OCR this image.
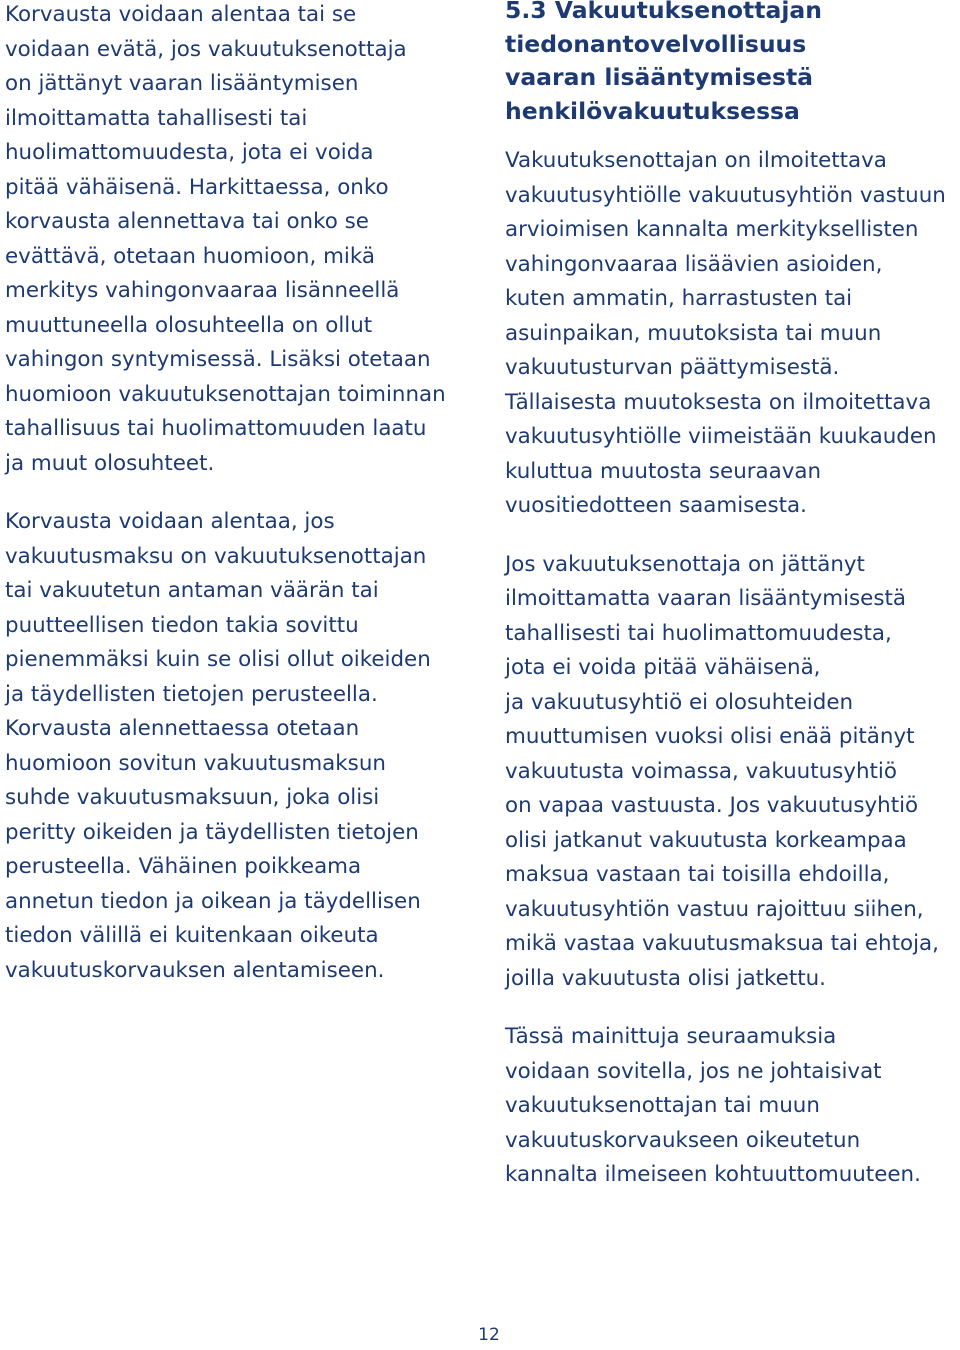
Korvausta voidaan alentaa tai se
voidaan evätä, jos vakuutuksenottaja
on jättänyt vaaran lisääntymisen
ilmoittamatta tahallisesti tai
huolimattomuudesta, jota ei voida
pitää vähäisenä. Harkittaessa, onko
korvausta alennettava tai onko se
evättävä, otetaan huomioon, mikä
merkitys vahingonvaaraa lisänneellä
muuttuneella olosuhteella on ollut
vahingon syntymisessä. Lisäksi otetaan
huomioon vakuutuksenottajan toiminnan
tahallisuus tai huolimattomuuden laatu
ja muut olosuhteet.

Korvausta voidaan alentaa, jos
vakuutusmaksu on vakuutuksenottajan
tai vakuutetun antaman väärän tai
puutteellisen tiedon takia sovittu
pienemmäksi kuin se olisi ollut oikeiden
ja täydellisten tietojen perusteella.
Korvausta alennettaessa otetaan
huomioon sovitun vakuutusmaksun
suhde vakuutusmaksuun, joka olisi
peritty oikeiden ja täydellisten tietojen
perusteella. Vähäinen poikkeama
annetun tiedon ja oikean ja täydellisen
tiedon välillä ei kuitenkaan oikeuta
vakuutuskorvauksen alentamiseen.

5.3 Vakuutuksenottajan
tiedonantovelvollisuus
vaaran lisääntymisestä
henkilövakuutuksessa

Vakuutuksenottajan on ilmoitettava
vakuutusyhtiölle vakuutusyhtiön vastuun
arvioimisen kannalta merkityksellisten
vahingonvaaraa lisäävien asioiden,
kuten ammatin, harrastusten tai
asuinpaikan, muutoksista tai muun
vakuutusturvan päättymisestä.
Tällaisesta muutoksesta on ilmoitettava
vakuutusyhtiölle viimeistään kuukauden
kuluttua muutosta seuraavan
vuositiedotteen saamisesta.

Jos vakuutuksenottaja on jättänyt
ilmoittamatta vaaran lisääntymisestä
tahallisesti tai huolimattomuudesta,
jota ei voida pitää vähäisenä,
ja vakuutusyhtiö ei olosuhteiden
muuttumisen vuoksi olisi enää pitänyt
vakuutusta voimassa, vakuutusyhtiö
on vapaa vastuusta. Jos vakuutusyhtiö
olisi jatkanut vakuutusta korkeampaa
maksua vastaan tai toisilla ehdoilla,
vakuutusyhtiön vastuu rajoittuu siihen,
mikä vastaa vakuutusmaksua tai ehtoja,
joilla vakuutusta olisi jatkettu.

Tässä mainittuja seuraamuksia
voidaan sovitella, jos ne johtaisivat
vakuutuksenottajan tai muun
vakuutuskorvaukseen oikeutetun
kannalta ilmeiseen kohtuuttomuuteen.

12
